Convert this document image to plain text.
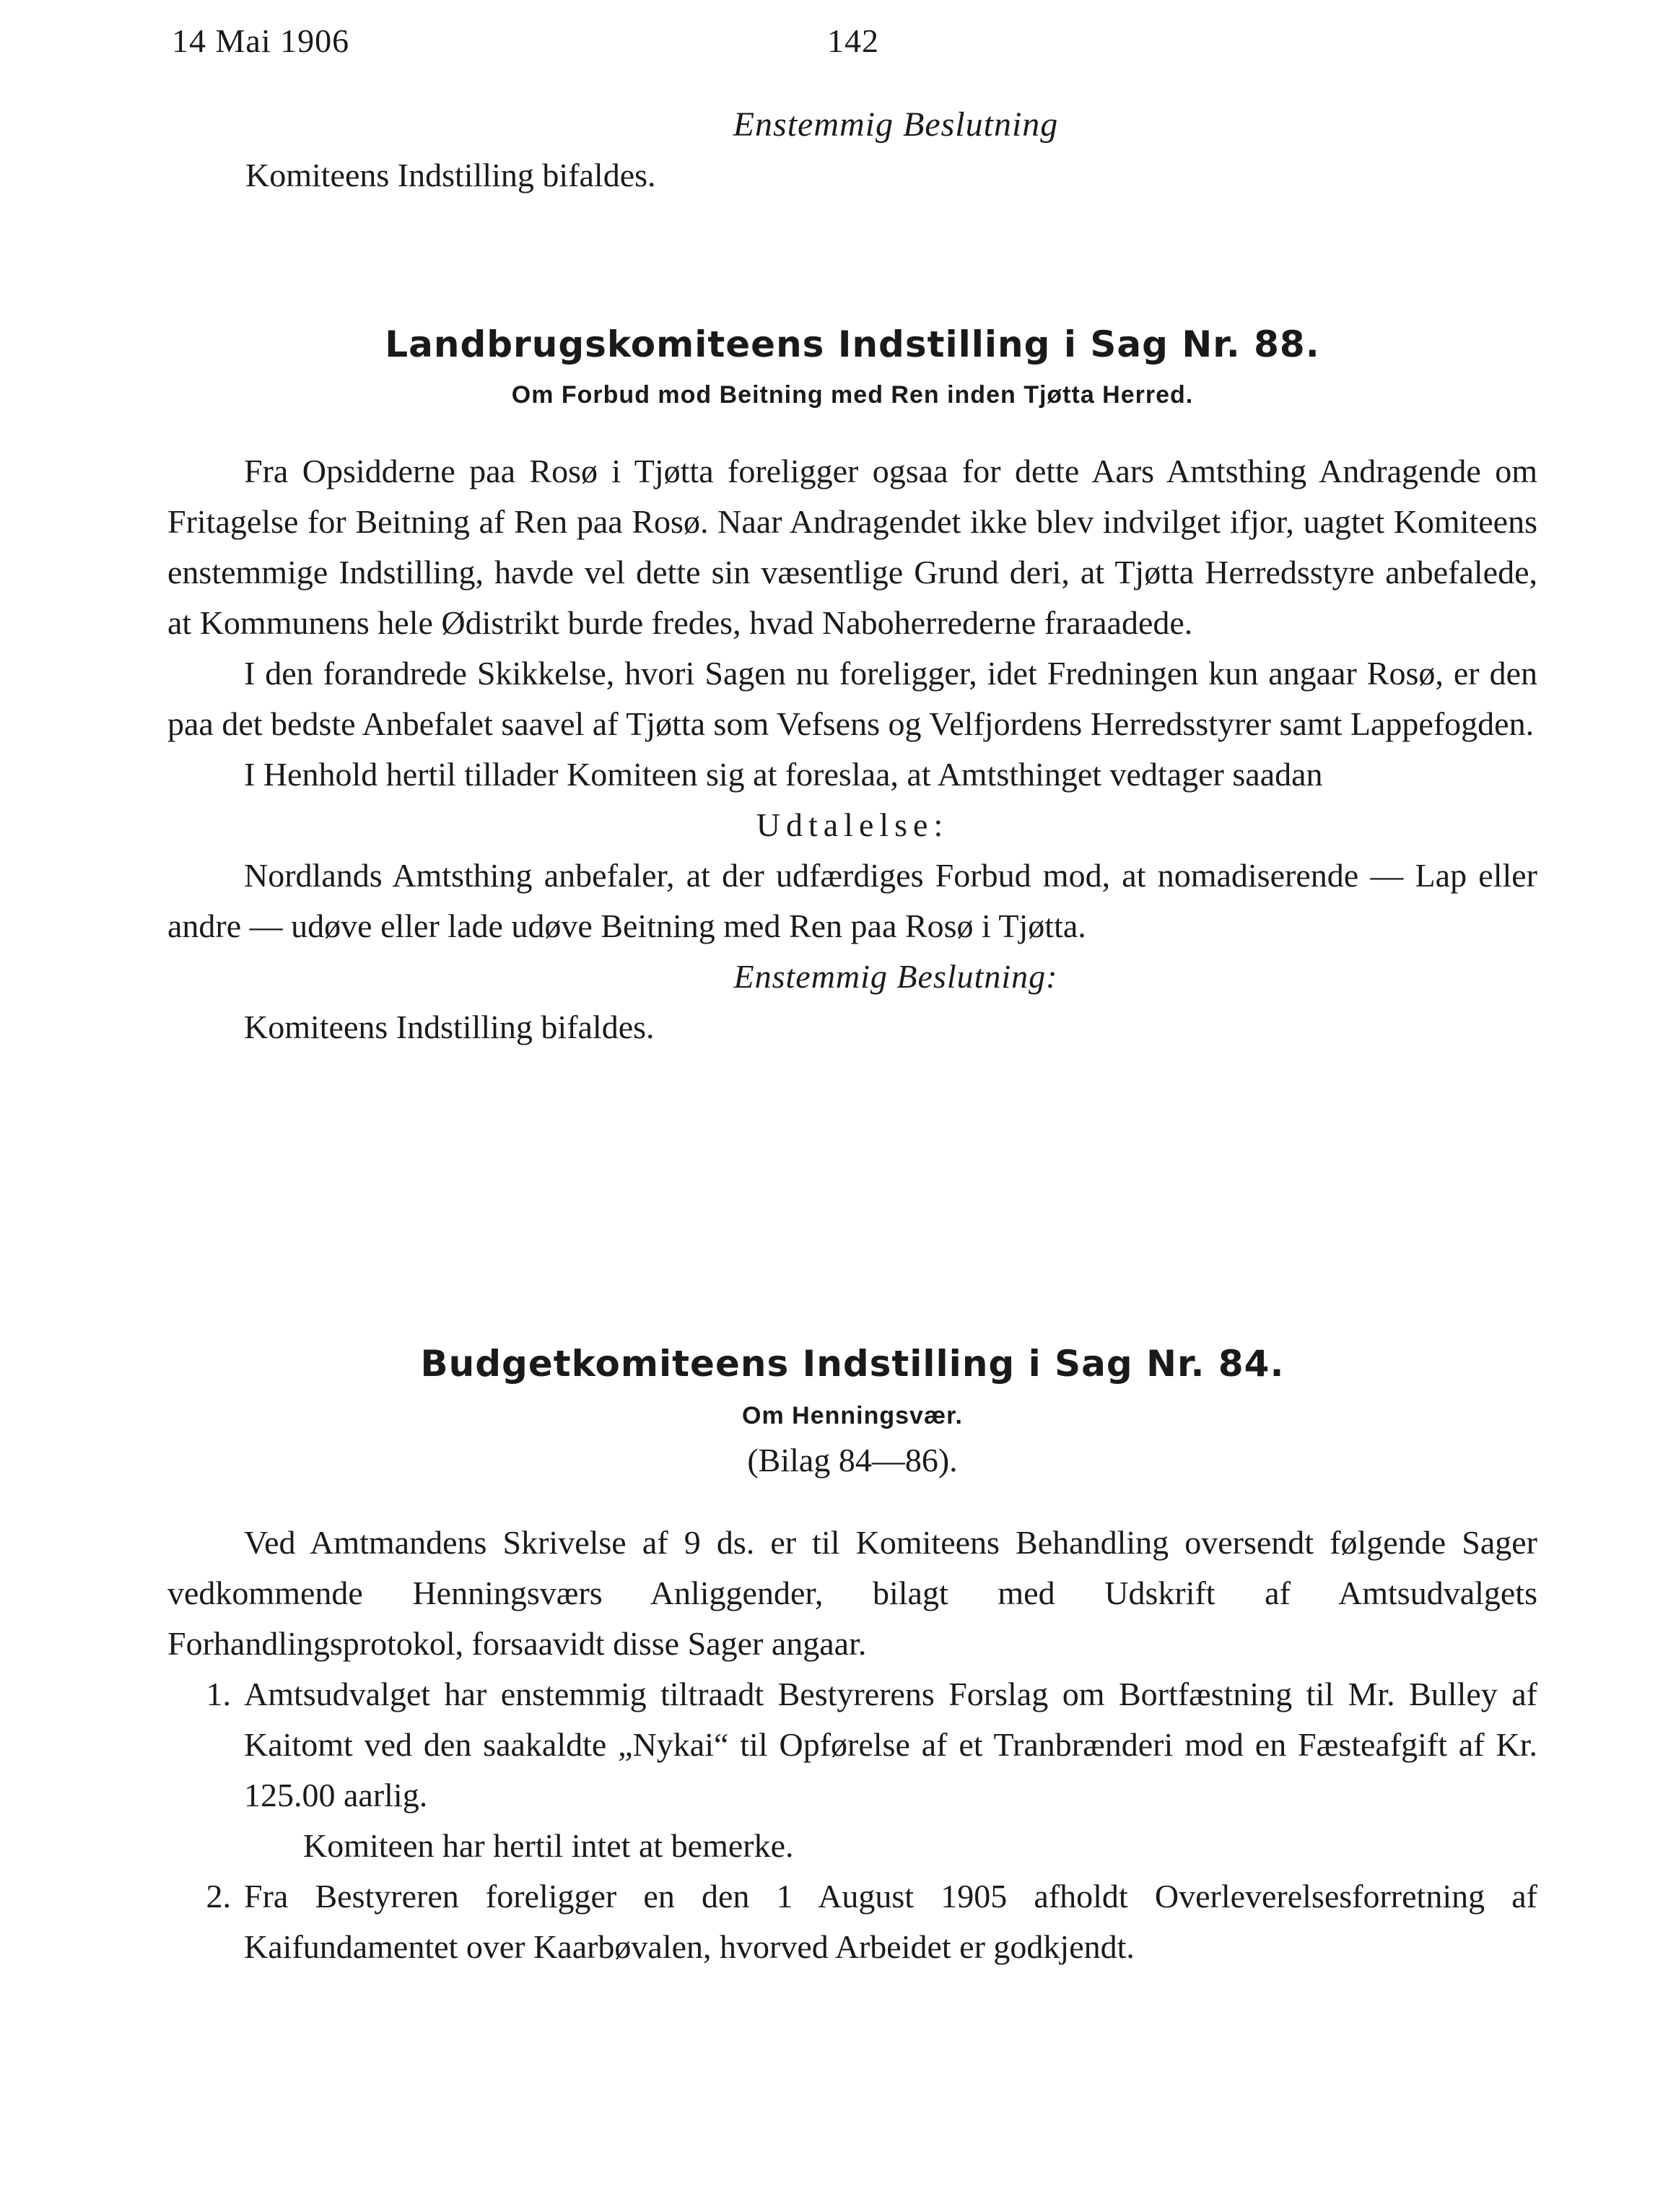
14 Mai 1906	142
Enstemmig Beslutning
Komiteens Indstilling bifaldes.
Landbrugskomiteens Indstilling i Sag Nr. 88.
Om Forbud mod Beitning med Ren inden Tjøtta Herred.

Fra Opsidderne paa Rosø i Tjøtta foreligger ogsaa for dette Aars Amtsthing Andragende om Fritagelse for Beitning af Ren paa Rosø. Naar Andragendet ikke blev indvilget ifjor, uagtet Komiteens enstemmige Indstilling, havde vel dette sin væsentlige Grund deri, at Tjøtta Herredsstyre anbefalede, at Kommunens hele Ødistrikt burde fredes, hvad Naboherrederne fraraadede.

I den forandrede Skikkelse, hvori Sagen nu foreligger, idet Fredningen kun angaar Rosø, er den paa det bedste Anbefalet saavel af Tjøtta som Vefsens og Velfjordens Herredsstyrer samt Lappefogden.

I Henhold hertil tillader Komiteen sig at foreslaa, at Amtsthinget vedtager saadan

Udtalelse:

Nordlands Amtsthing anbefaler, at der udfærdiges Forbud mod, at nomadiserende — Lap eller andre — udøve eller lade udøve Beitning med Ren paa Rosø i Tjøtta.

Enstemmig Beslutning:

Komiteens Indstilling bifaldes.

Budgetkomiteens Indstilling i Sag Nr. 84.
Om Henningsvær.
(Bilag 84—86).

Ved Amtmandens Skrivelse af 9 ds. er til Komiteens Behandling oversendt følgende Sager vedkommende Henningsværs Anliggender, bilagt med Udskrift af Amtsudvalgets Forhandlingsprotokol, forsaavidt disse Sager angaar.

1. Amtsudvalget har enstemmig tiltraadt Bestyrerens Forslag om Bortfæstning til Mr. Bulley af Kaitomt ved den saakaldte „Nykai“ til Opførelse af et Tranbrænderi mod en Fæsteafgift af Kr. 125.00 aarlig.

Komiteen har hertil intet at bemerke.

2. Fra Bestyreren foreligger en den 1 August 1905 afholdt Overleverelsesforretning af Kaifundamentet over Kaarbøvalen, hvorved Arbeidet er godkjendt.
